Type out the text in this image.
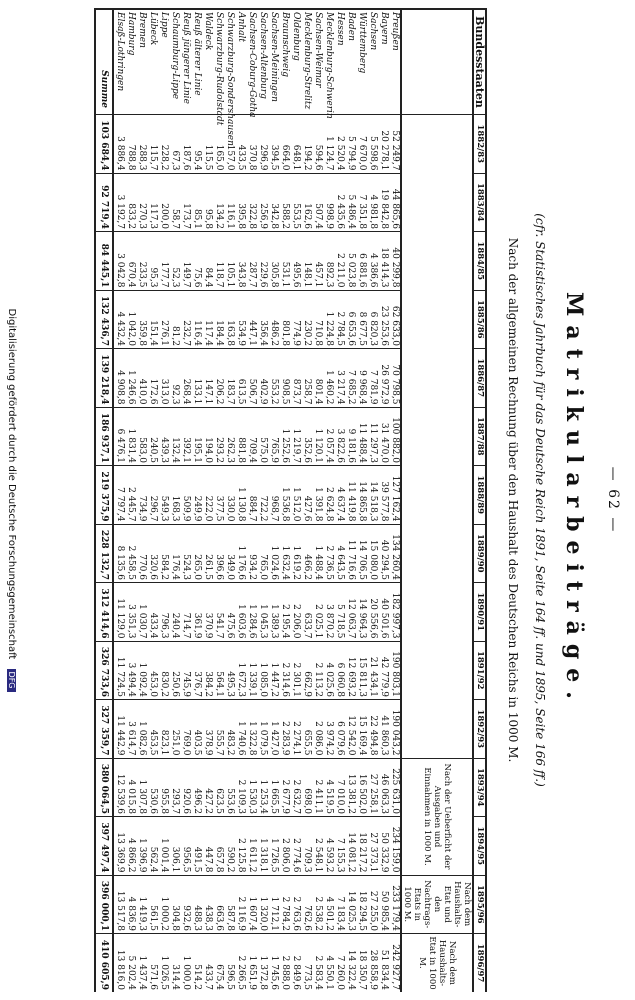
— 62 —
Matrikularbeiträge.
(cfr. Statistisches Jahrbuch für das Deutsche Reich 1891, Seite 164 ff. und 1895, Seite 166 ff.)
Nach der allgemeinen Rechnung über den Haushalt des Deutschen Reichs in 1000 M.
Bundesstaaten	1882/83	1883/84	1884/85	1885/86	1886/87	1887/88	1888/89	1889/90	1890/91	1891/92	1892/93	1893/94	1894/95	1895/96	1896/97
												Nach der Ueberficht der Ausgaben und Einnahmen in 1000 M.		Nach dem Haushalts-Etat und den Nachtrags-Etats in 1000 M.	Nach dem Haushalts-Etat in 1000 M.
Preußen	52 249,7	44 865,6	40 299,8	62 633,0	70 798,5	100 882,0	127 162,4	134 260,4	182 997,3	190 803,1	190 043,2	225 631,0	234 159,0	233 179,4	242 927,7
Bayern	20 278,1	19 842,8	18 414,3	23 253,6	26 972,9	31 470,0	39 577,8	40 294,5	40 501,6	42 779,9	41 860,3	46 063,3	50 332,9	50 985,4	51 834,4
Sachsen	5 598,6	4 981,8	4 386,6	6 820,3	7 781,9	11 297,3	14 518,3	15 080,0	20 556,6	21 434,1	22 494,8	27 258,1	27 373,1	27 255,0	28 858,9
Württemberg	7 670,0	7 351,8	6 881,6	8 677,5	9 968,4	11 488,4	14 865,8	14 706,5	14 964,3	15 811,3	15 169,4	16 502,0	18 217,2	18 294,5	18 350,7
Baden	5 794,9	5 486,4	5 023,8	6 653,6	7 685,2	9 181,6	11 419,8	11 716,6	12 063,7	12 693,2	12 542,0	13 381,2	14 081,2	14 025,3	14 322,4
Hessen	2 520,4	2 435,6	2 211,0	2 784,5	3 217,4	3 822,6	4 637,4	4 643,5	5 718,5	6 060,8	6 079,6	7 010,0	7 155,3	7 183,4	7 260,0
Mecklenburg-Schwerin	1 124,7	998,9	892,3	1 224,8	1 460,2	2 057,4	2 624,8	2 736,5	3 870,2	4 025,6	3 974,2	4 519,5	4 593,2	4 501,2	4 550,1
Sachsen-Weimar	594,6	507,4	457,1	710,8	801,4	1 120,1	1 391,8	1 488,4	2 025,1	2 113,2	2 086,0	2 411,1	2 548,1	2 538,2	2 583,4
Mecklenburg-Strelitz	194,2	162,6	148,1	230,2	258,7	352,6	427,6	466,2	633,7	662,9	655,5	698,0	709,3	762,6	773,5
Oldenburg	648,1	553,5	495,6	774,9	873,7	1 219,7	1 512,0	1 619,2	2 206,0	2 301,1	2 274,1	2 632,7	2 774,6	2 763,6	2 849,6
Braunschweig	664,0	588,2	531,1	801,8	908,5	1 252,6	1 536,8	1 632,4	2 195,4	2 314,6	2 283,9	2 677,9	2 806,0	2 784,2	2 888,0
Sachsen-Meiningen	394,5	342,8	305,8	486,2	553,2	765,9	968,7	1 024,6	1 389,3	1 447,2	1 427,0	1 665,5	1 726,5	1 712,1	1 745,6
Sachsen-Altenburg	296,9	256,9	229,6	356,4	402,9	575,0	722,2	765,0	1 045,3	1 085,0	1 079,5	1 253,4	1 318,1	1 320,0	1 372,8
Sachsen-Coburg-Gotha	370,8	322,8	287,7	447,1	506,7	709,4	884,7	934,2	1 284,6	1 339,1	1 322,8	1 530,3	1 611,2	1 607,4	1 651,9
Anhalt	433,5	395,8	343,8	534,9	613,5	881,8	1 130,8	1 176,6	1 603,6	1 672,3	1 740,6	2 109,3	2 125,8	2 116,9	2 266,5
Schwarzburg-Sondershausen	157,0	116,1	105,1	163,8	183,7	262,3	330,0	349,0	475,6	495,3	483,2	553,6	590,2	587,8	596,5
Schwarzburg-Rudolstadt	165,0	134,2	118,7	184,4	206,2	293,2	377,5	396,6	541,7	564,1	555,7	623,5	657,8	663,6	675,4
Waldeck	115,5	95,8	84,4	117,4	147,1	194,0	222,0	261,5	370,9	384,2	378,9	427,2	447,8	438,3	433,7
Reuß älterer Linie	95,4	85,1	75,6	116,4	133,1	195,1	249,9	265,0	361,9	376,7	403,5	496,2	491,5	488,3	514,2
Reuß jüngerer Linie	187,6	173,7	149,7	232,7	268,4	392,1	509,9	524,3	714,7	745,9	769,0	920,6	956,5	932,6	1 000,0
Schaumburg-Lippe	67,3	58,7	52,3	81,2	92,3	132,4	168,3	176,4	240,4	250,6	251,0	293,7	306,1	304,8	314,4
Lippe	228,2	200,0	177,7	276,1	313,0	439,3	549,3	584,2	796,3	830,2	823,1	955,8	1 001,4	1 000,2	1 026,5
Lübeck	115,7	117,3	95,3	151,4	172,6	240,5	296,7	320,6	433,4	453,0	453,5	530,6	562,4	561,5	571,6
Bremen	288,3	270,3	233,5	359,8	410,0	583,0	734,9	770,6	1 030,7	1 092,4	1 082,6	1 307,8	1 396,9	1 419,3	1 437,4
Hamburg	788,8	833,2	670,4	1 042,0	1 246,6	1 831,4	2 445,7	2 458,5	3 351,3	3 494,4	3 614,7	4 015,8	4 866,2	4 836,9	5 202,4
Elsaß-Lothringen	3 886,4	3 192,7	3 042,8	4 432,4	4 908,8	6 476,1	7 797,4	8 135,6	11 129,0	11 724,5	11 442,9	12 539,6	13 369,9	13 517,8	13 816,0
Summe	103 684,4	92 719,4	84 445,1	132 436,7	139 218,4	186 937,1	219 375,9	228 132,7	312 414,6	326 733,6	327 359,7	380 064,5	397 497,4	396 000,1	410 605,9
Digitalisierung gefördert durch die Deutsche Forschungsgemeinschaft DFG
